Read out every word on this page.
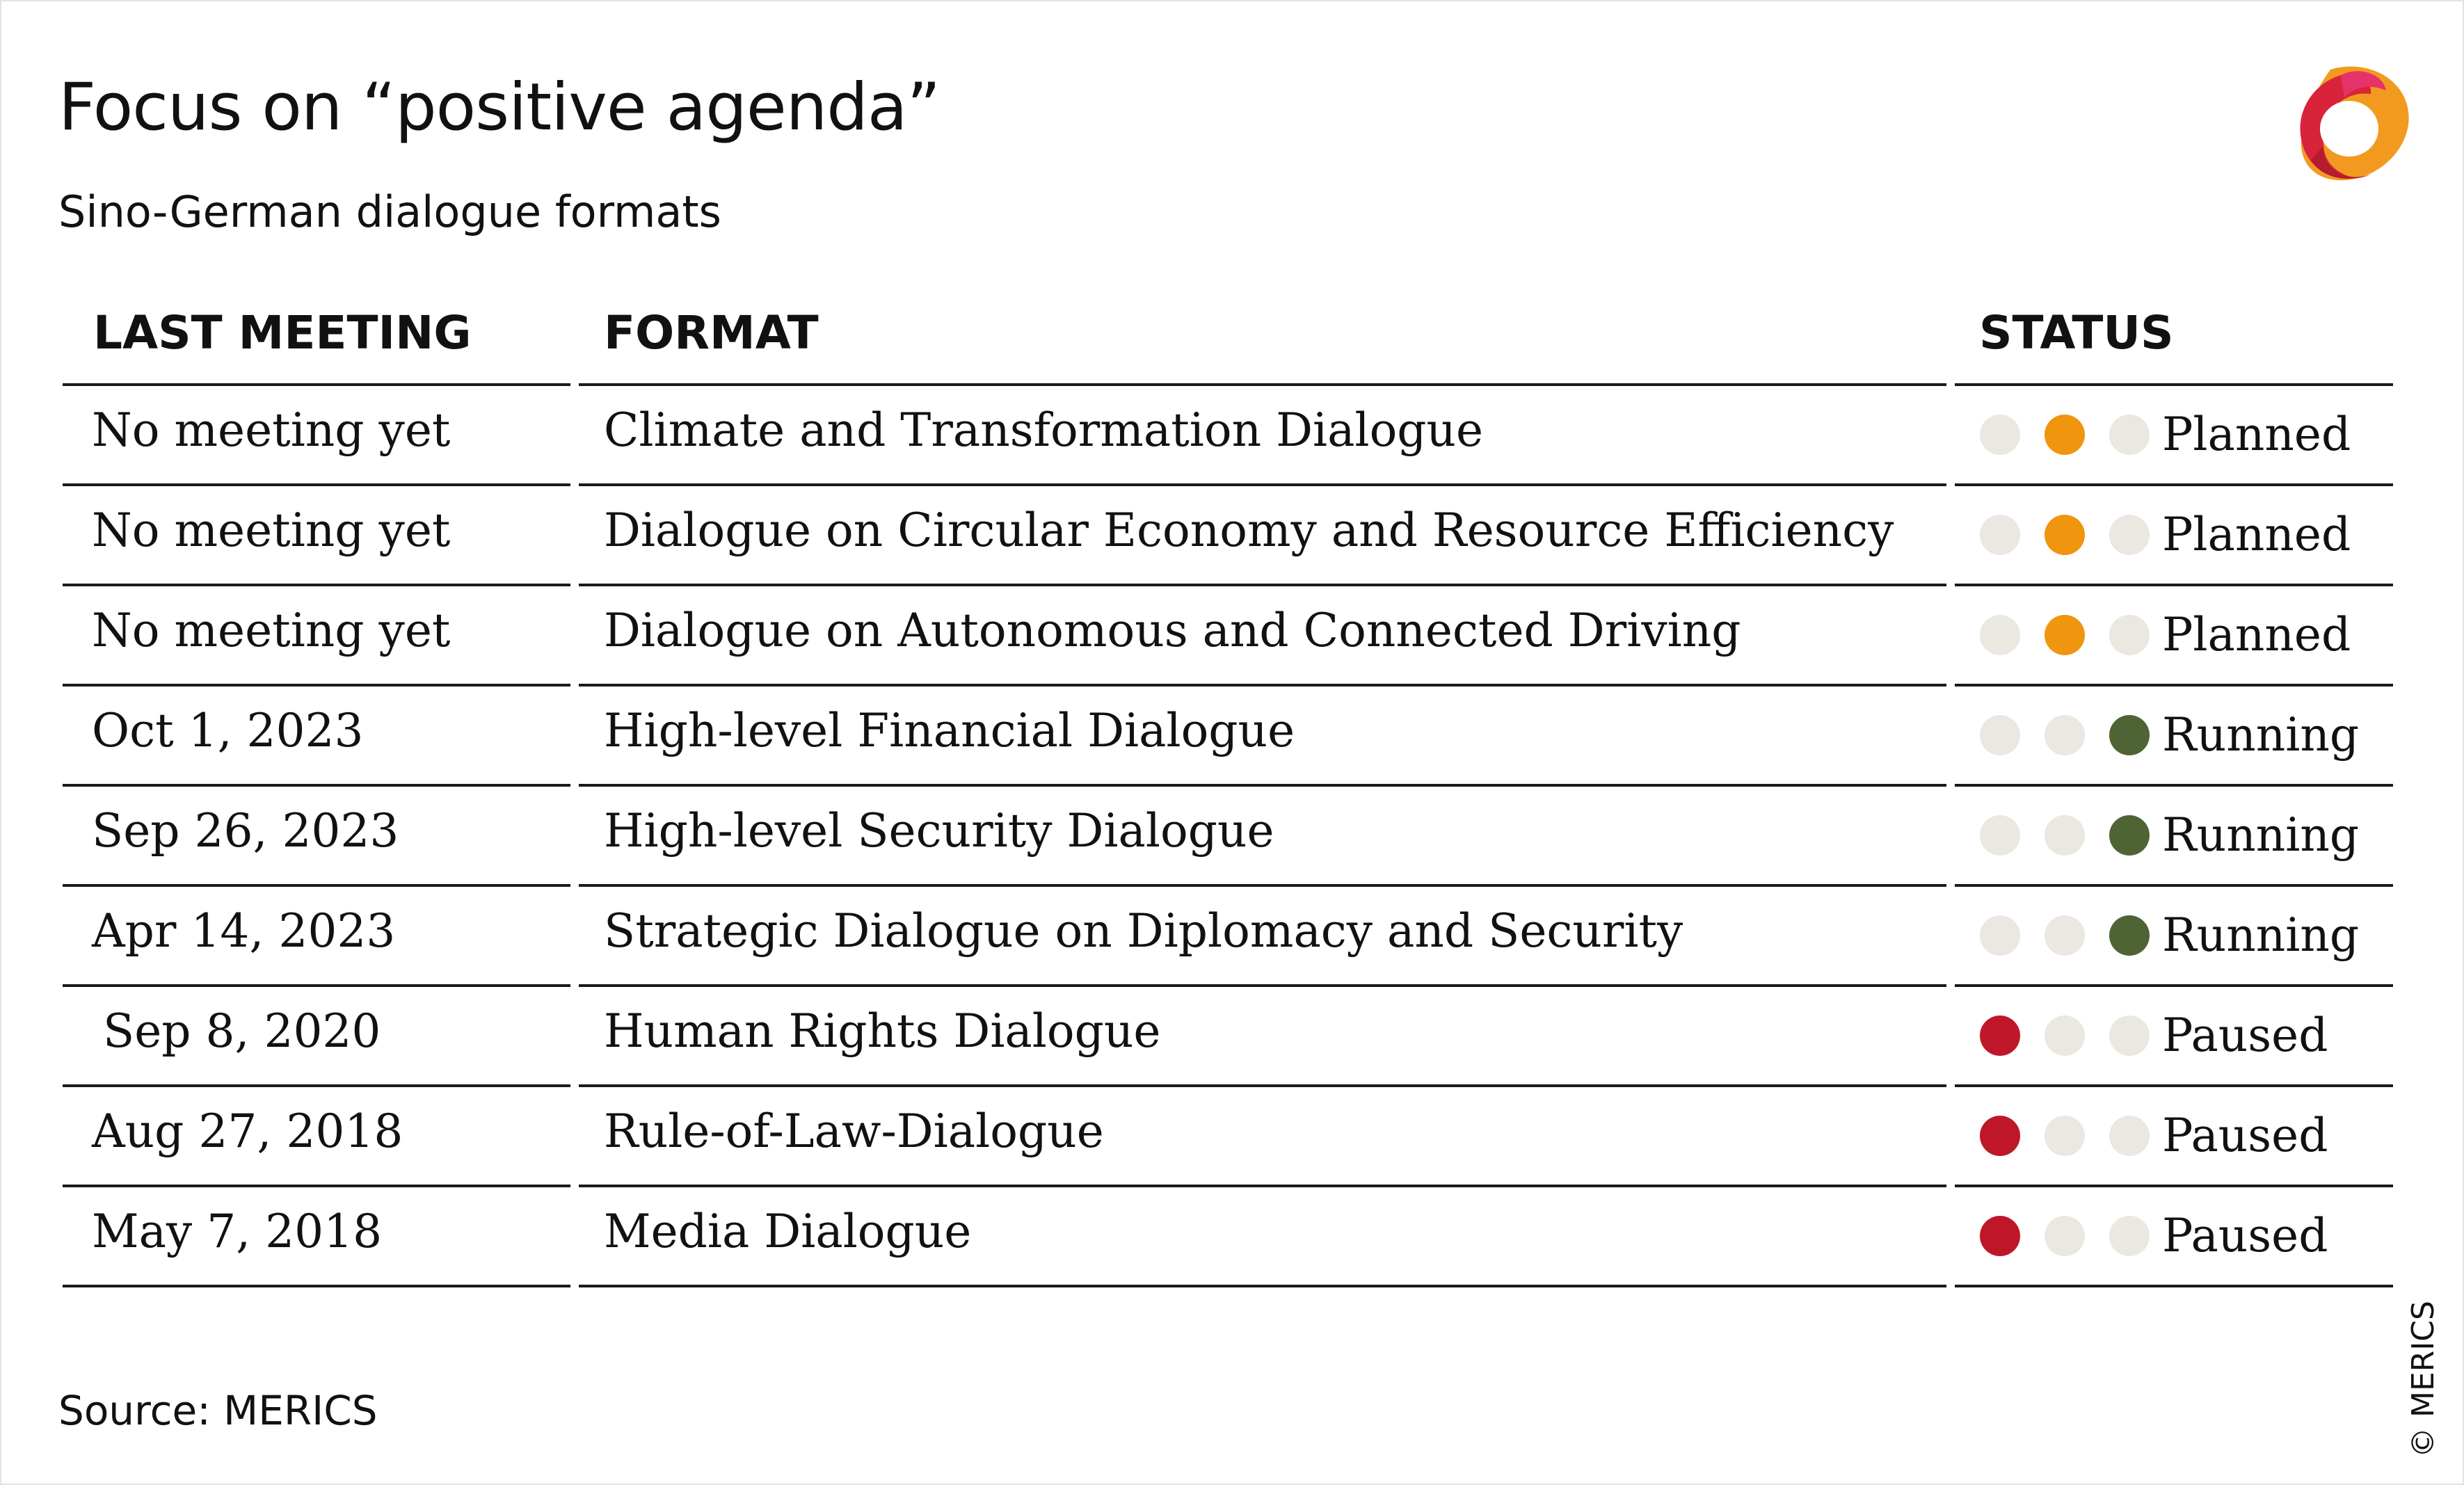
Focus on “positive agenda”
Sino-German dialogue formats
LAST MEETING	FORMAT	STATUS
No meeting yet	Climate and Transformation Dialogue	Planned
No meeting yet	Dialogue on Circular Economy and Resource Efficiency	Planned
No meeting yet	Dialogue on Autonomous and Connected Driving	Planned
Oct 1, 2023	High-level Financial Dialogue	Running
Sep 26, 2023	High-level Security Dialogue	Running
Apr 14, 2023	Strategic Dialogue on Diplomacy and Security	Running
Sep 8, 2020	Human Rights Dialogue	Paused
Aug 27, 2018	Rule-of-Law-Dialogue	Paused
May 7, 2018	Media Dialogue	Paused
Source: MERICS	© MERICS
